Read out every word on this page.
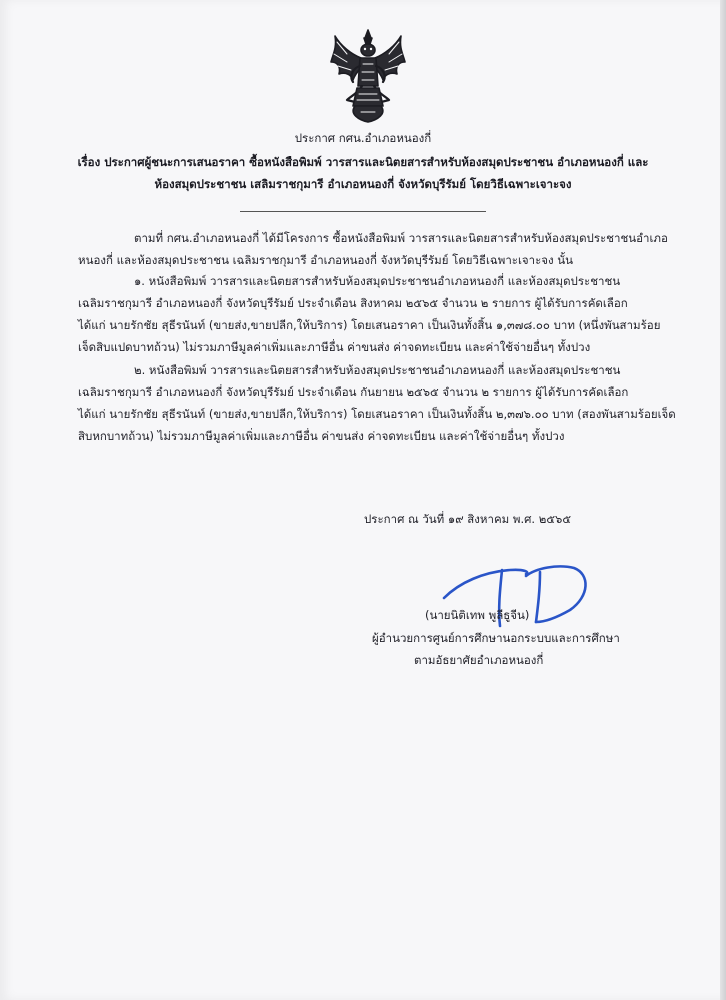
ประกาศ กศน.อำเภอหนองกี่
เรื่อง ประกาศผู้ชนะการเสนอราคา ซื้อหนังสือพิมพ์ วารสารและนิตยสารสำหรับห้องสมุดประชาชน อำเภอหนองกี่ และ
ห้องสมุดประชาชน เสลิมราชกุมารี อำเภอหนองกี่ จังหวัดบุรีรัมย์ โดยวิธีเฉพาะเจาะจง
ตามที่ กศน.อำเภอหนองกี่ ได้มีโครงการ ซื้อหนังสือพิมพ์ วารสารและนิตยสารสำหรับห้องสมุดประชาชนอำเภอ
หนองกี่ และห้องสมุดประชาชน เฉลิมราชกุมารี อำเภอหนองกี่ จังหวัดบุรีรัมย์ โดยวิธีเฉพาะเจาะจง นั้น
๑. หนังสือพิมพ์ วารสารและนิตยสารสำหรับห้องสมุดประชาชนอำเภอหนองกี่ และห้องสมุดประชาชน
เฉลิมราชกุมารี อำเภอหนองกี่ จังหวัดบุรีรัมย์ ประจำเดือน สิงหาคม ๒๕๖๕ จำนวน ๒ รายการ ผู้ได้รับการคัดเลือก
ได้แก่ นายรักชัย สุธีรนันท์ (ขายส่ง,ขายปลีก,ให้บริการ) โดยเสนอราคา เป็นเงินทั้งสิ้น ๑,๓๗๘.๐๐ บาท (หนึ่งพันสามร้อย
เจ็ดสิบแปดบาทถ้วน) ไม่รวมภาษีมูลค่าเพิ่มและภาษีอื่น ค่าขนส่ง ค่าจดทะเบียน และค่าใช้จ่ายอื่นๆ ทั้งปวง
๒. หนังสือพิมพ์ วารสารและนิตยสารสำหรับห้องสมุดประชาชนอำเภอหนองกี่ และห้องสมุดประชาชน
เฉลิมราชกุมารี อำเภอหนองกี่ จังหวัดบุรีรัมย์ ประจำเดือน กันยายน ๒๕๖๕ จำนวน ๒ รายการ ผู้ได้รับการคัดเลือก
ได้แก่ นายรักชัย สุธีรนันท์ (ขายส่ง,ขายปลีก,ให้บริการ) โดยเสนอราคา เป็นเงินทั้งสิ้น ๒,๓๗๖.๐๐ บาท (สองพันสามร้อยเจ็ด
สิบหกบาทถ้วน) ไม่รวมภาษีมูลค่าเพิ่มและภาษีอื่น ค่าขนส่ง ค่าจดทะเบียน และค่าใช้จ่ายอื่นๆ ทั้งปวง
ประกาศ ณ วันที่ ๑๙ สิงหาคม พ.ศ. ๒๕๖๕
(นายนิติเทพ พูลีธูจีน)
ผู้อำนวยการศูนย์การศึกษานอกระบบและการศึกษา
ตามอัธยาศัยอำเภอหนองกี่
